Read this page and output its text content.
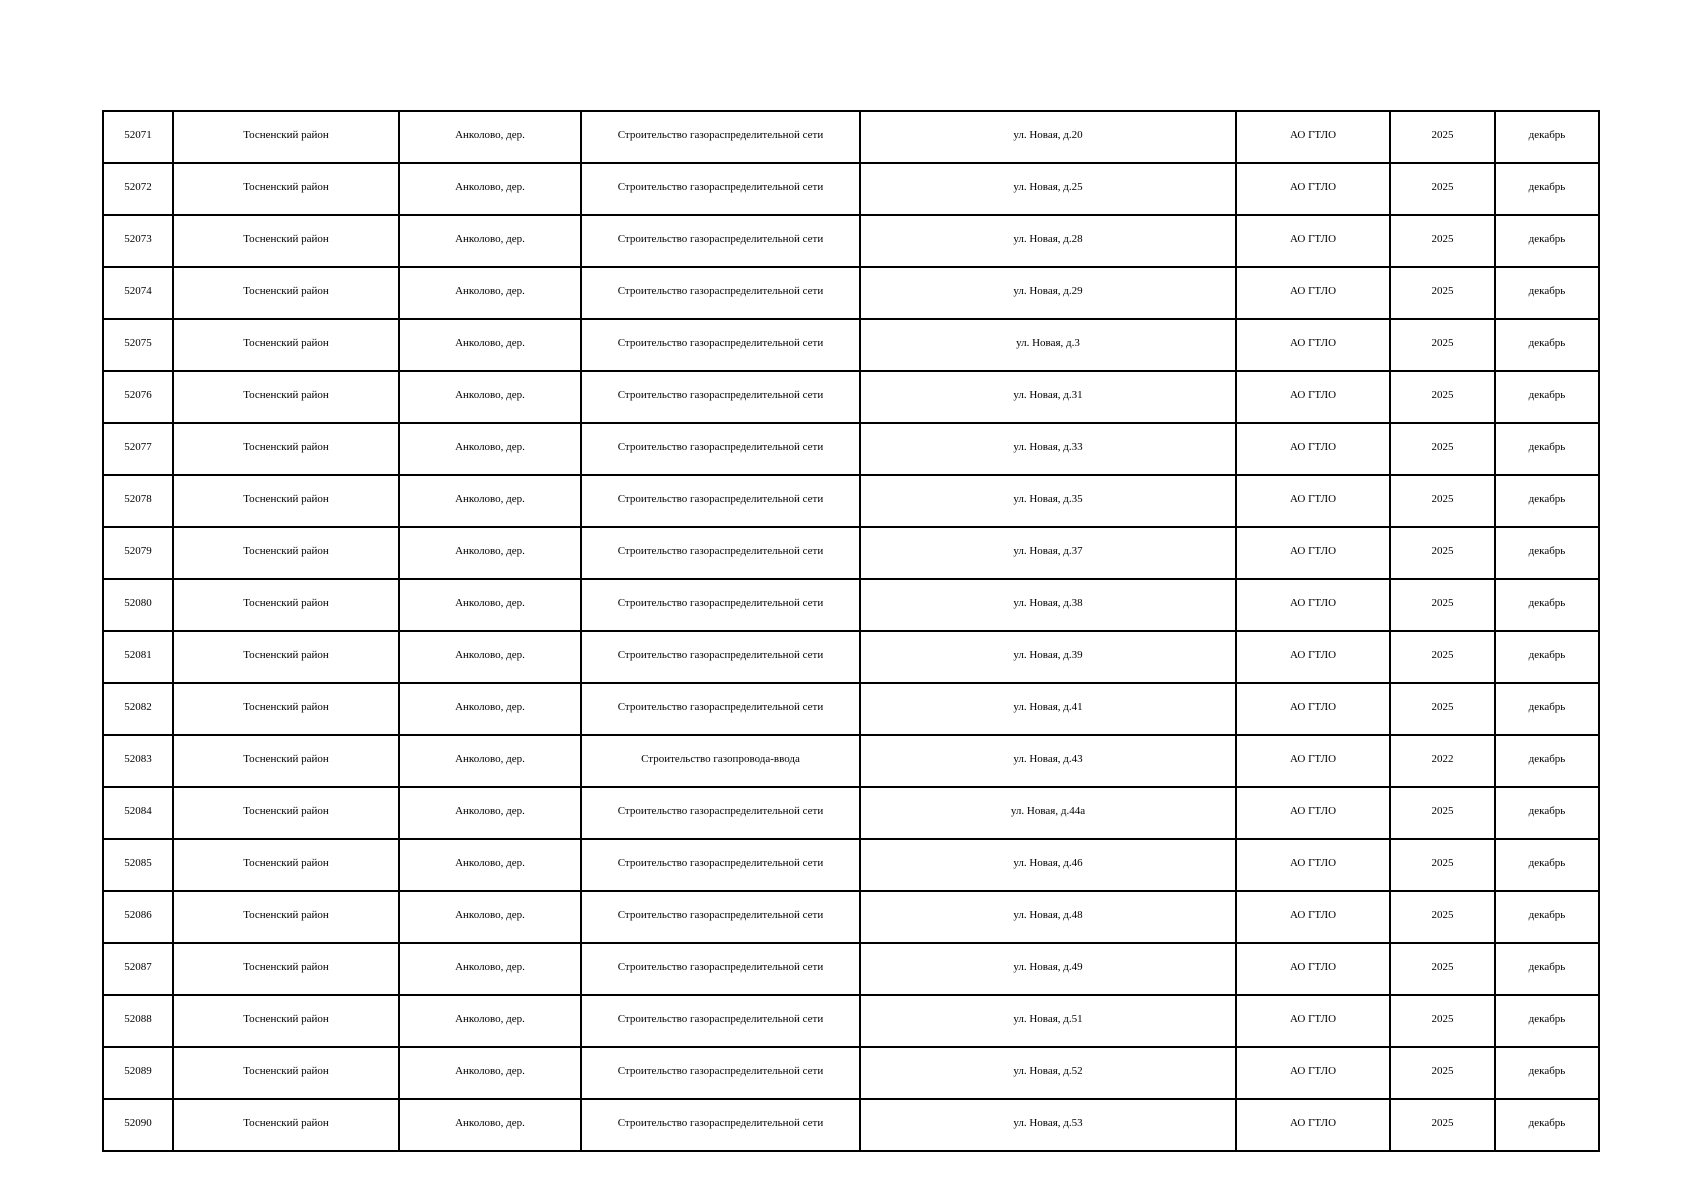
52071	Тосненский район	Анколово, дер.	Строительство газораспределительной сети	ул. Новая, д.20	АО ГТЛО	2025	декабрь
52072	Тосненский район	Анколово, дер.	Строительство газораспределительной сети	ул. Новая, д.25	АО ГТЛО	2025	декабрь
52073	Тосненский район	Анколово, дер.	Строительство газораспределительной сети	ул. Новая, д.28	АО ГТЛО	2025	декабрь
52074	Тосненский район	Анколово, дер.	Строительство газораспределительной сети	ул. Новая, д.29	АО ГТЛО	2025	декабрь
52075	Тосненский район	Анколово, дер.	Строительство газораспределительной сети	ул. Новая, д.3	АО ГТЛО	2025	декабрь
52076	Тосненский район	Анколово, дер.	Строительство газораспределительной сети	ул. Новая, д.31	АО ГТЛО	2025	декабрь
52077	Тосненский район	Анколово, дер.	Строительство газораспределительной сети	ул. Новая, д.33	АО ГТЛО	2025	декабрь
52078	Тосненский район	Анколово, дер.	Строительство газораспределительной сети	ул. Новая, д.35	АО ГТЛО	2025	декабрь
52079	Тосненский район	Анколово, дер.	Строительство газораспределительной сети	ул. Новая, д.37	АО ГТЛО	2025	декабрь
52080	Тосненский район	Анколово, дер.	Строительство газораспределительной сети	ул. Новая, д.38	АО ГТЛО	2025	декабрь
52081	Тосненский район	Анколово, дер.	Строительство газораспределительной сети	ул. Новая, д.39	АО ГТЛО	2025	декабрь
52082	Тосненский район	Анколово, дер.	Строительство газораспределительной сети	ул. Новая, д.41	АО ГТЛО	2025	декабрь
52083	Тосненский район	Анколово, дер.	Строительство газопровода-ввода	ул. Новая, д.43	АО ГТЛО	2022	декабрь
52084	Тосненский район	Анколово, дер.	Строительство газораспределительной сети	ул. Новая, д.44а	АО ГТЛО	2025	декабрь
52085	Тосненский район	Анколово, дер.	Строительство газораспределительной сети	ул. Новая, д.46	АО ГТЛО	2025	декабрь
52086	Тосненский район	Анколово, дер.	Строительство газораспределительной сети	ул. Новая, д.48	АО ГТЛО	2025	декабрь
52087	Тосненский район	Анколово, дер.	Строительство газораспределительной сети	ул. Новая, д.49	АО ГТЛО	2025	декабрь
52088	Тосненский район	Анколово, дер.	Строительство газораспределительной сети	ул. Новая, д.51	АО ГТЛО	2025	декабрь
52089	Тосненский район	Анколово, дер.	Строительство газораспределительной сети	ул. Новая, д.52	АО ГТЛО	2025	декабрь
52090	Тосненский район	Анколово, дер.	Строительство газораспределительной сети	ул. Новая, д.53	АО ГТЛО	2025	декабрь
